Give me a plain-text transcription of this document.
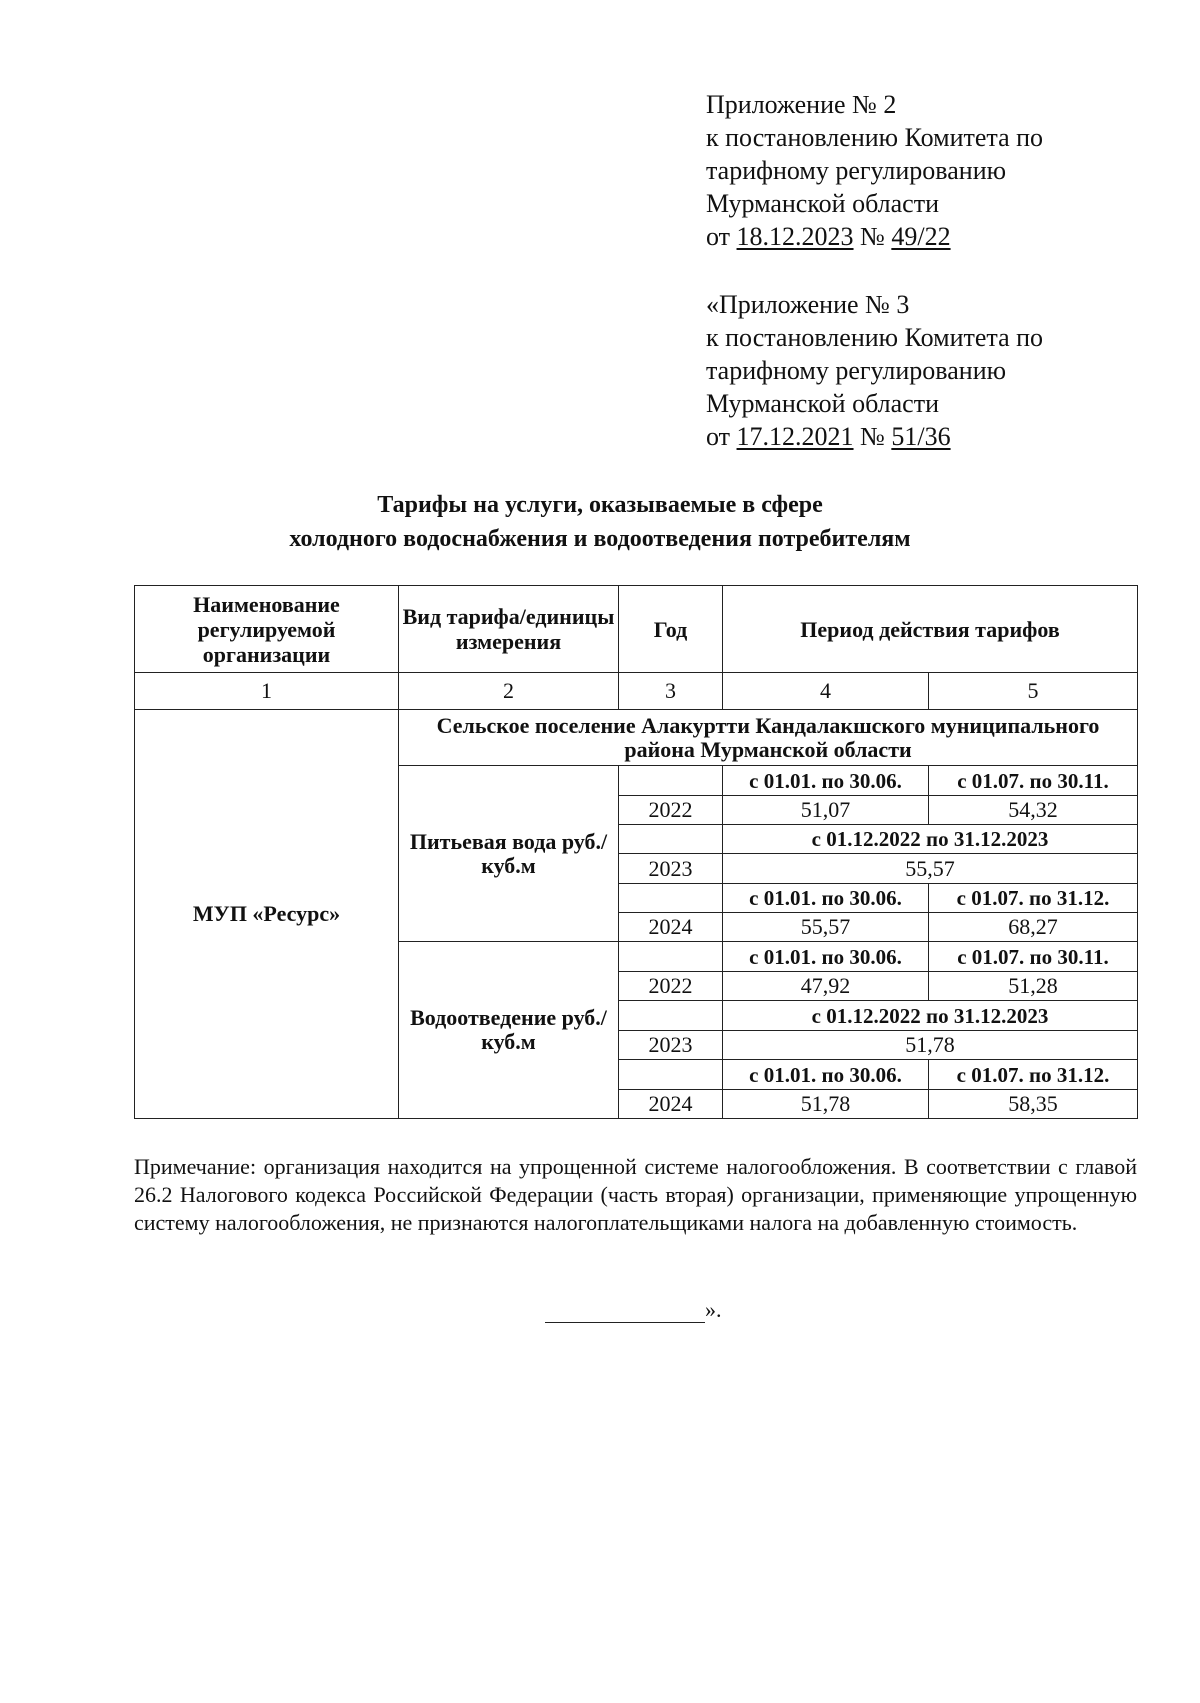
Приложение № 2
к постановлению Комитета по
тарифному регулированию
Мурманской области
от 18.12.2023 № 49/22
«Приложение № 3
к постановлению Комитета по
тарифному регулированию
Мурманской области
от 17.12.2021 № 51/36
Тарифы на услуги, оказываемые в сфере
холодного водоснабжения и водоотведения потребителям
Наименование регулируемой организации	Вид тарифа/единицы измерения	Год	Период действия тарифов	
1	2	3	4	5
МУП «Ресурс»	Сельское поселение Алакуртти Кандалакшского муниципального района Мурманской области			
	Питьевая вода руб./куб.м		с 01.01. по 30.06.	с 01.07. по 30.11.
		2022	51,07	54,32
			с 01.12.2022 по 31.12.2023	
		2023	55,57	
			с 01.01. по 30.06.	с 01.07. по 31.12.
		2024	55,57	68,27
	Водоотведение руб./куб.м		с 01.01. по 30.06.	с 01.07. по 30.11.
		2022	47,92	51,28
			с 01.12.2022 по 31.12.2023	
		2023	51,78	
			с 01.01. по 30.06.	с 01.07. по 31.12.
		2024	51,78	58,35
Примечание: организация находится на упрощенной системе налогообложения. В соответствии с главой 26.2 Налогового кодекса Российской Федерации (часть вторая) организации, применяющие упрощенную систему налогообложения, не признаются налогоплательщиками налога на добавленную стоимость.
».
